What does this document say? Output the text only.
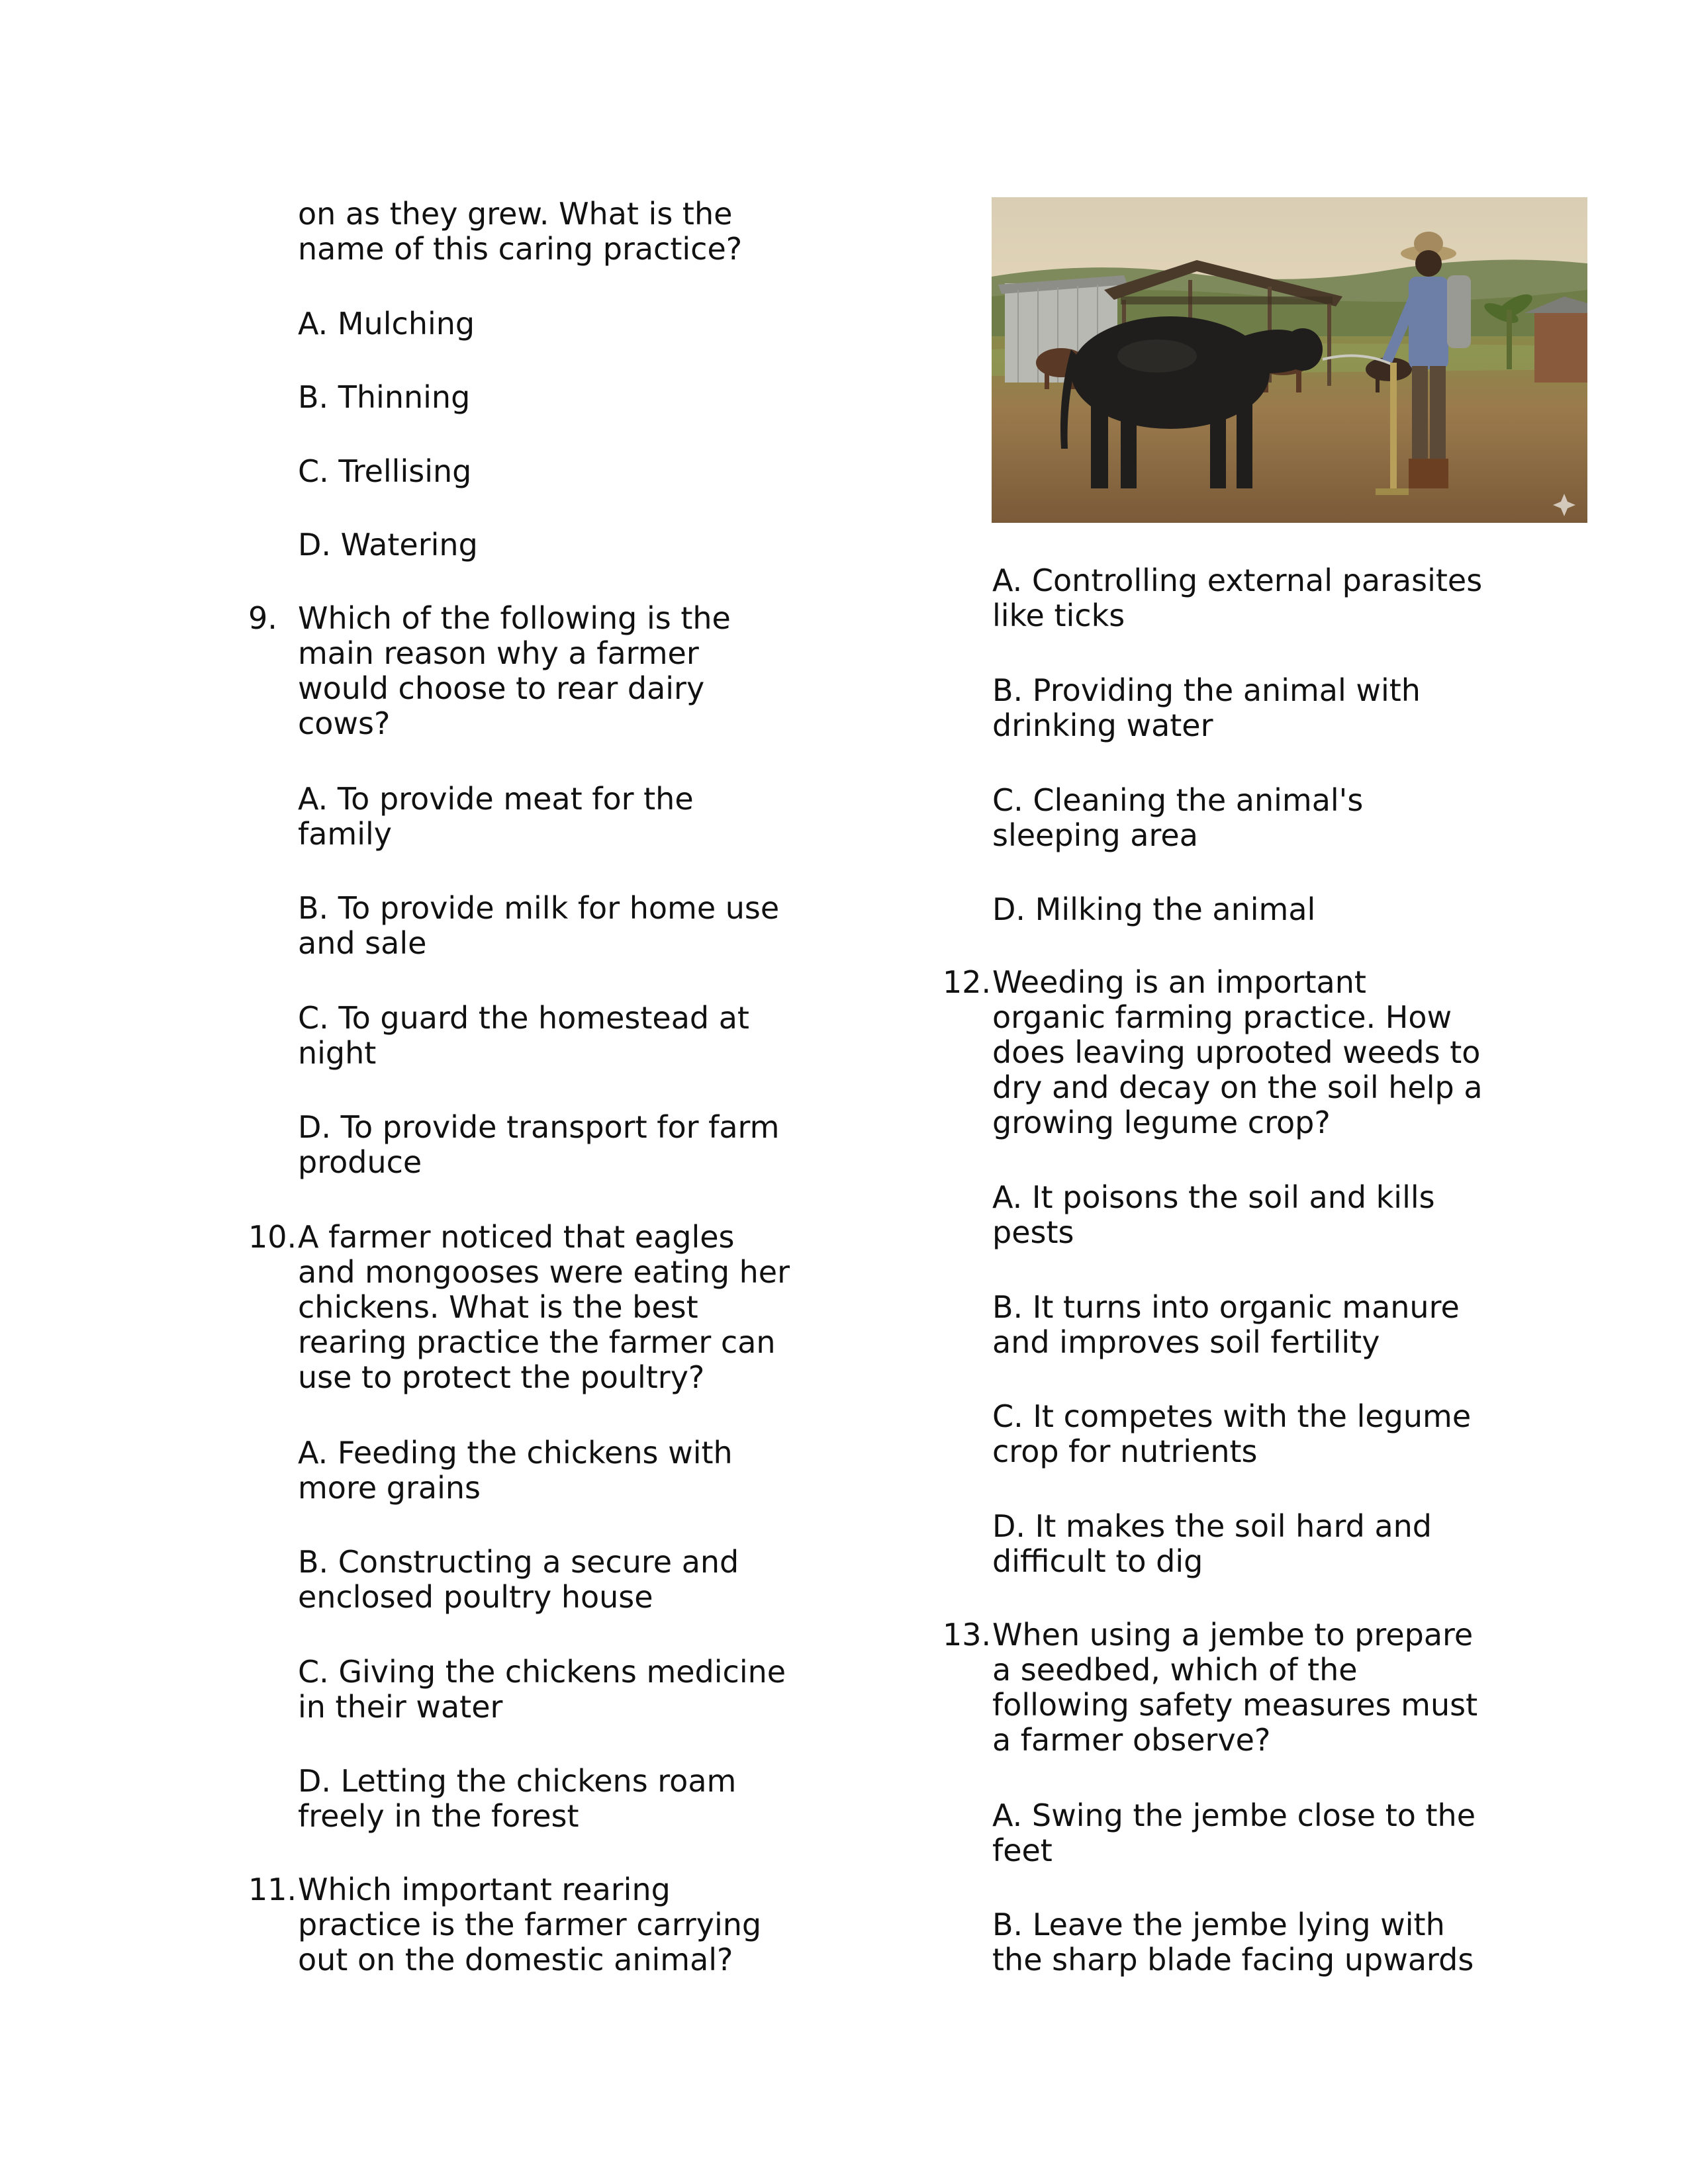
on as they grew. What is the
name of this caring practice?
A. Mulching
B. Thinning
C. Trellising
D. Watering
9. Which of the following is the
main reason why a farmer
would choose to rear dairy
cows?
A. To provide meat for the
family
B. To provide milk for home use
and sale
C. To guard the homestead at
night
D. To provide transport for farm
produce
10. A farmer noticed that eagles
and mongooses were eating her
chickens. What is the best
rearing practice the farmer can
use to protect the poultry?
A. Feeding the chickens with
more grains
B. Constructing a secure and
enclosed poultry house
C. Giving the chickens medicine
in their water
D. Letting the chickens roam
freely in the forest
11. Which important rearing
practice is the farmer carrying
out on the domestic animal?
A. Controlling external parasites
like ticks
B. Providing the animal with
drinking water
C. Cleaning the animal's
sleeping area
D. Milking the animal
12. Weeding is an important
organic farming practice. How
does leaving uprooted weeds to
dry and decay on the soil help a
growing legume crop?
A. It poisons the soil and kills
pests
B. It turns into organic manure
and improves soil fertility
C. It competes with the legume
crop for nutrients
D. It makes the soil hard and
difficult to dig
13. When using a jembe to prepare
a seedbed, which of the
following safety measures must
a farmer observe?
A. Swing the jembe close to the
feet
B. Leave the jembe lying with
the sharp blade facing upwards
